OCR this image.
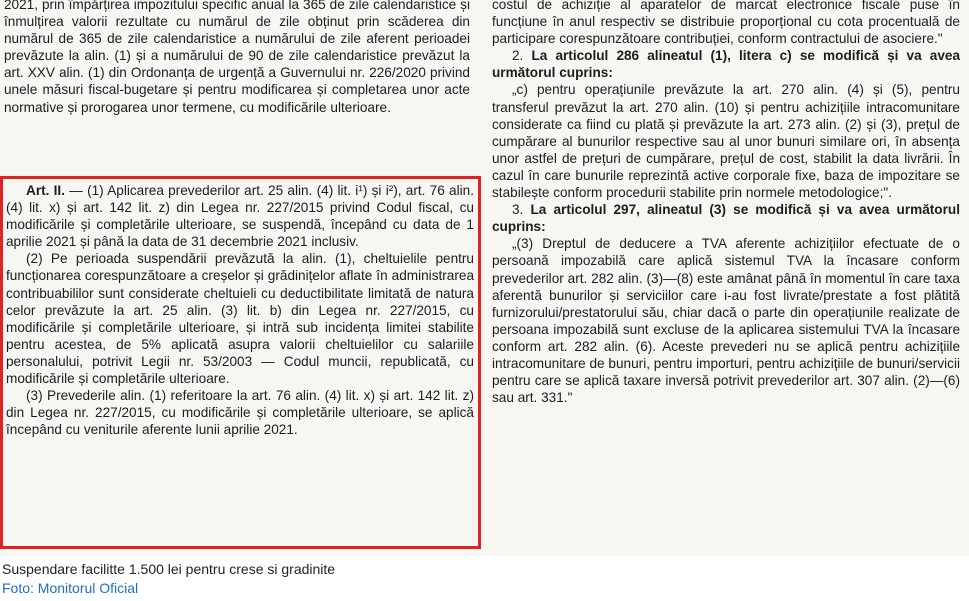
2021, prin împărțirea impozitului specific anual la 365 de zile calendaristice și înmulțirea valorii rezultate cu numărul de zile obținut prin scăderea din numărul de 365 de zile calendaristice a numărului de zile aferent perioadei prevăzute la alin. (1) și a numărului de 90 de zile calendaristice prevăzut la art. XXV alin. (1) din Ordonanța de urgență a Guvernului nr. 226/2020 privind unele măsuri fiscal-bugetare și pentru modificarea și completarea unor acte normative și prorogarea unor termene, cu modificările ulterioare.

Art. II. — (1) Aplicarea prevederilor art. 25 alin. (4) lit. i¹) și i²), art. 76 alin. (4) lit. x) și art. 142 lit. z) din Legea nr. 227/2015 privind Codul fiscal, cu modificările și completările ulterioare, se suspendă, începând cu data de 1 aprilie 2021 și până la data de 31 decembrie 2021 inclusiv.

(2) Pe perioada suspendării prevăzută la alin. (1), cheltuielile pentru funcționarea corespunzătoare a creșelor și grădinițelor aflate în administrarea contribuabililor sunt considerate cheltuieli cu deductibilitate limitată de natura celor prevăzute la art. 25 alin. (3) lit. b) din Legea nr. 227/2015, cu modificările și completările ulterioare, și intră sub incidența limitei stabilite pentru acestea, de 5% aplicată asupra valorii cheltuielilor cu salariile personalului, potrivit Legii nr. 53/2003 — Codul muncii, republicată, cu modificările și completările ulterioare.

(3) Prevederile alin. (1) referitoare la art. 76 alin. (4) lit. x) și art. 142 lit. z) din Legea nr. 227/2015, cu modificările și completările ulterioare, se aplică începând cu veniturile aferente lunii aprilie 2021.

costul de achiziție al aparatelor de marcat electronice fiscale puse în funcțiune în anul respectiv se distribuie proporțional cu cota procentuală de participare corespunzătoare contribuției, conform contractului de asociere."

2. La articolul 286 alineatul (1), litera c) se modifică și va avea următorul cuprins:

„c) pentru operațiunile prevăzute la art. 270 alin. (4) și (5), pentru transferul prevăzut la art. 270 alin. (10) și pentru achizițiile intracomunitare considerate ca fiind cu plată și prevăzute la art. 273 alin. (2) și (3), prețul de cumpărare al bunurilor respective sau al unor bunuri similare ori, în absența unor astfel de prețuri de cumpărare, prețul de cost, stabilit la data livrării. În cazul în care bunurile reprezintă active corporale fixe, baza de impozitare se stabilește conform procedurii stabilite prin normele metodologice;".

3. La articolul 297, alineatul (3) se modifică și va avea următorul cuprins:

„(3) Dreptul de deducere a TVA aferente achizițiilor efectuate de o persoană impozabilă care aplică sistemul TVA la încasare conform prevederilor art. 282 alin. (3)—(8) este amânat până în momentul în care taxa aferentă bunurilor și serviciilor care i-au fost livrate/prestate a fost plătită furnizorului/prestatorului său, chiar dacă o parte din operațiunile realizate de persoana impozabilă sunt excluse de la aplicarea sistemului TVA la încasare conform art. 282 alin. (6). Aceste prevederi nu se aplică pentru achizițiile intracomunitare de bunuri, pentru importuri, pentru achizițiile de bunuri/servicii pentru care se aplică taxare inversă potrivit prevederilor art. 307 alin. (2)—(6) sau art. 331."

Suspendare facilitte 1.500 lei pentru crese si gradinite
Foto: Monitorul Oficial
